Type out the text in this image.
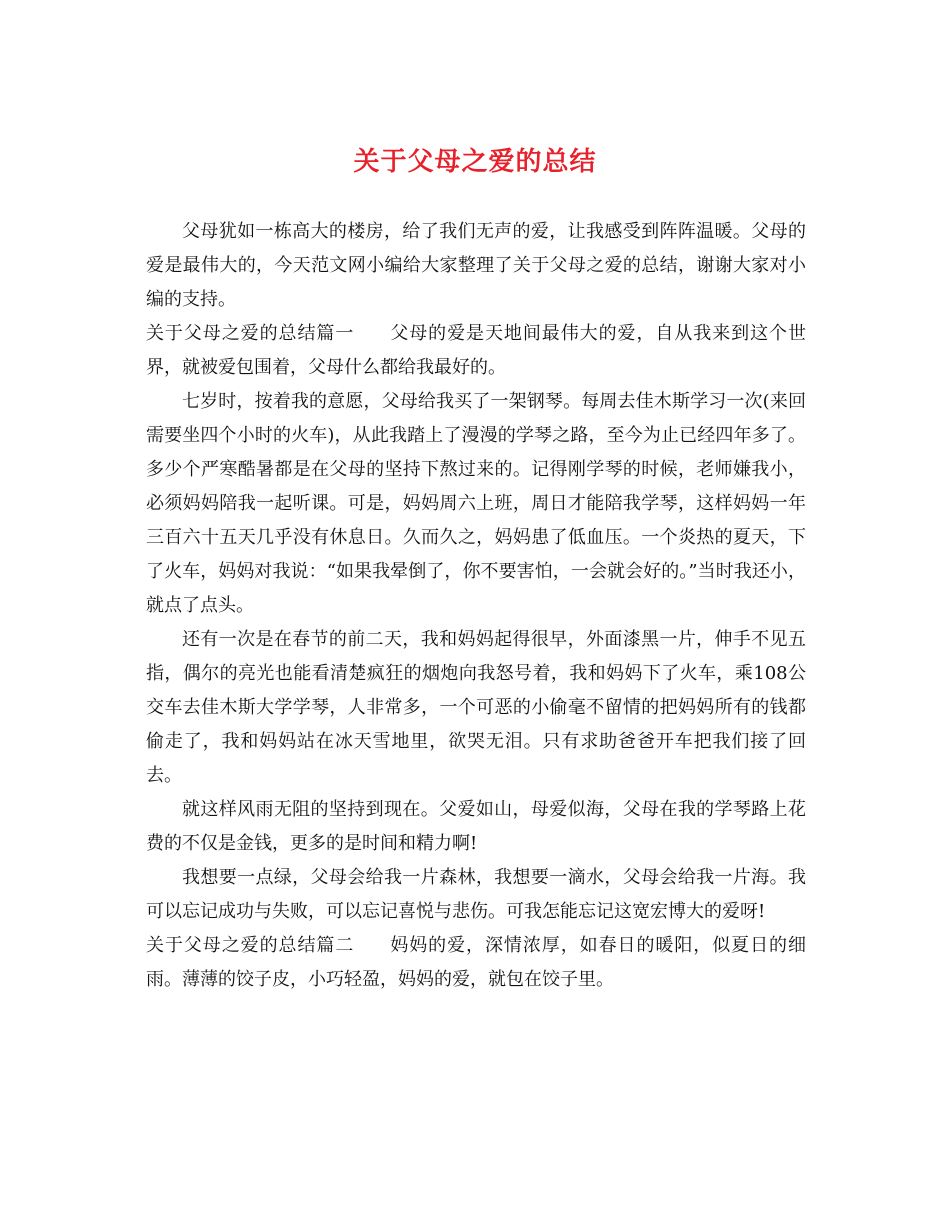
关于父母之爱的总结

父母犹如一栋高大的楼房，给了我们无声的爱，让我感受到阵阵温暖。父母的爱是最伟大的，今天范文网小编给大家整理了关于父母之爱的总结，谢谢大家对小编的支持。

关于父母之爱的总结篇一 父母的爱是天地间最伟大的爱，自从我来到这个世界，就被爱包围着，父母什么都给我最好的。

七岁时，按着我的意愿，父母给我买了一架钢琴。每周去佳木斯学习一次(来回需要坐四个小时的火车)，从此我踏上了漫漫的学琴之路，至今为止已经四年多了。多少个严寒酷暑都是在父母的坚持下熬过来的。记得刚学琴的时候，老师嫌我小，必须妈妈陪我一起听课。可是，妈妈周六上班，周日才能陪我学琴，这样妈妈一年三百六十五天几乎没有休息日。久而久之，妈妈患了低血压。一个炎热的夏天，下了火车，妈妈对我说：“如果我晕倒了，你不要害怕，一会就会好的。”当时我还小，就点了点头。

还有一次是在春节的前二天，我和妈妈起得很早，外面漆黑一片，伸手不见五指，偶尔的亮光也能看清楚疯狂的烟炮向我怒号着，我和妈妈下了火车，乘108公交车去佳木斯大学学琴，人非常多，一个可恶的小偷毫不留情的把妈妈所有的钱都偷走了，我和妈妈站在冰天雪地里，欲哭无泪。只有求助爸爸开车把我们接了回去。

就这样风雨无阻的坚持到现在。父爱如山，母爱似海，父母在我的学琴路上花费的不仅是金钱，更多的是时间和精力啊!

我想要一点绿，父母会给我一片森林，我想要一滴水，父母会给我一片海。我可以忘记成功与失败，可以忘记喜悦与悲伤。可我怎能忘记这宽宏博大的爱呀!

关于父母之爱的总结篇二 妈妈的爱，深情浓厚，如春日的暖阳，似夏日的细雨。薄薄的饺子皮，小巧轻盈，妈妈的爱，就包在饺子里。
